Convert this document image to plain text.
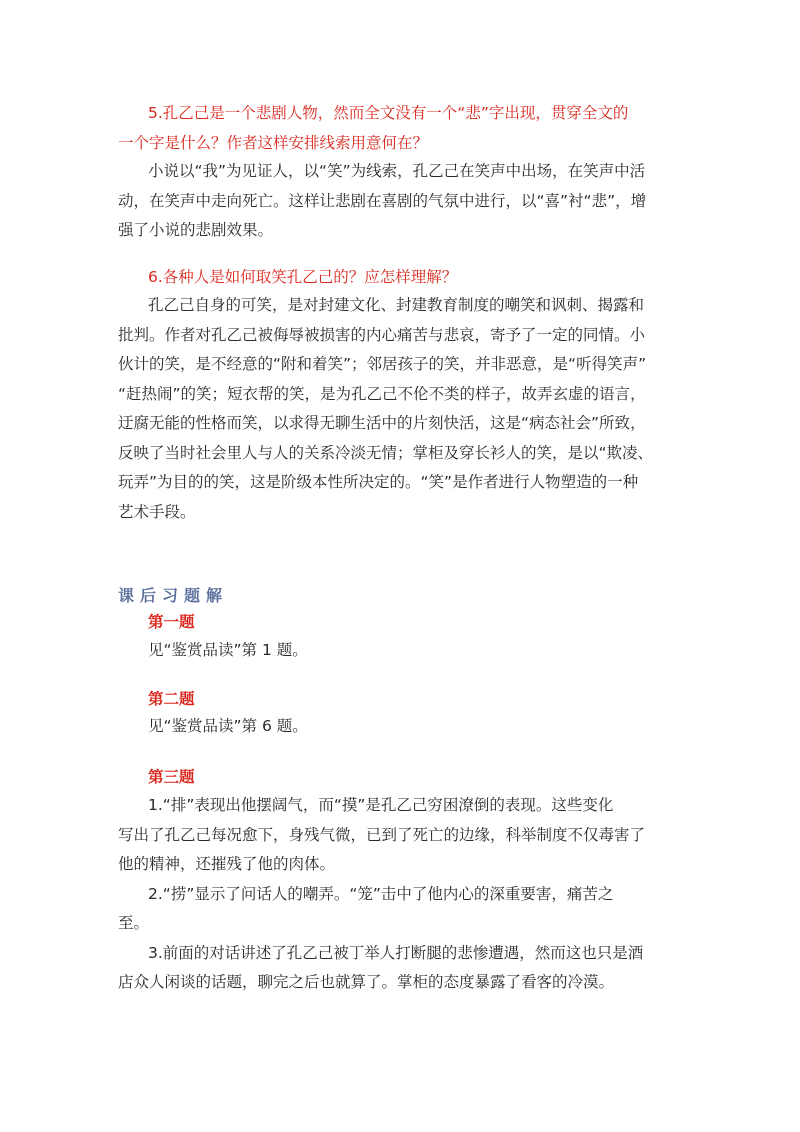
5.孔乙己是一个悲剧人物，然而全文没有一个“悲”字出现，贯穿全文的
一个字是什么？作者这样安排线索用意何在？

小说以“我”为见证人，以“笑”为线索，孔乙己在笑声中出场，在笑声中活
动，在笑声中走向死亡。这样让悲剧在喜剧的气氛中进行，以“喜”衬“悲”，增
强了小说的悲剧效果。

6.各种人是如何取笑孔乙己的？应怎样理解？

孔乙己自身的可笑，是对封建文化、封建教育制度的嘲笑和讽刺、揭露和
批判。作者对孔乙己被侮辱被损害的内心痛苦与悲哀，寄予了一定的同情。小
伙计的笑，是不经意的“附和着笑”；邻居孩子的笑，并非恶意，是“听得笑声”
“赶热闹”的笑；短衣帮的笑，是为孔乙己不伦不类的样子，故弄玄虚的语言，
迂腐无能的性格而笑，以求得无聊生活中的片刻快活，这是“病态社会”所致，
反映了当时社会里人与人的关系冷淡无情；掌柜及穿长衫人的笑，是以“欺凌、
玩弄”为目的的笑，这是阶级本性所决定的。“笑”是作者进行人物塑造的一种
艺术手段。

课后习题解

第一题

见“鉴赏品读”第 1 题。

第二题

见“鉴赏品读”第 6 题。

第三题

1.“排”表现出他摆阔气，而“摸”是孔乙己穷困潦倒的表现。这些变化
写出了孔乙己每况愈下，身残气微，已到了死亡的边缘，科举制度不仅毒害了
他的精神，还摧残了他的肉体。
2.“捞”显示了问话人的嘲弄。“笼”击中了他内心的深重要害，痛苦之
至。
3.前面的对话讲述了孔乙己被丁举人打断腿的悲惨遭遇，然而这也只是酒
店众人闲谈的话题，聊完之后也就算了。掌柜的态度暴露了看客的冷漠。
